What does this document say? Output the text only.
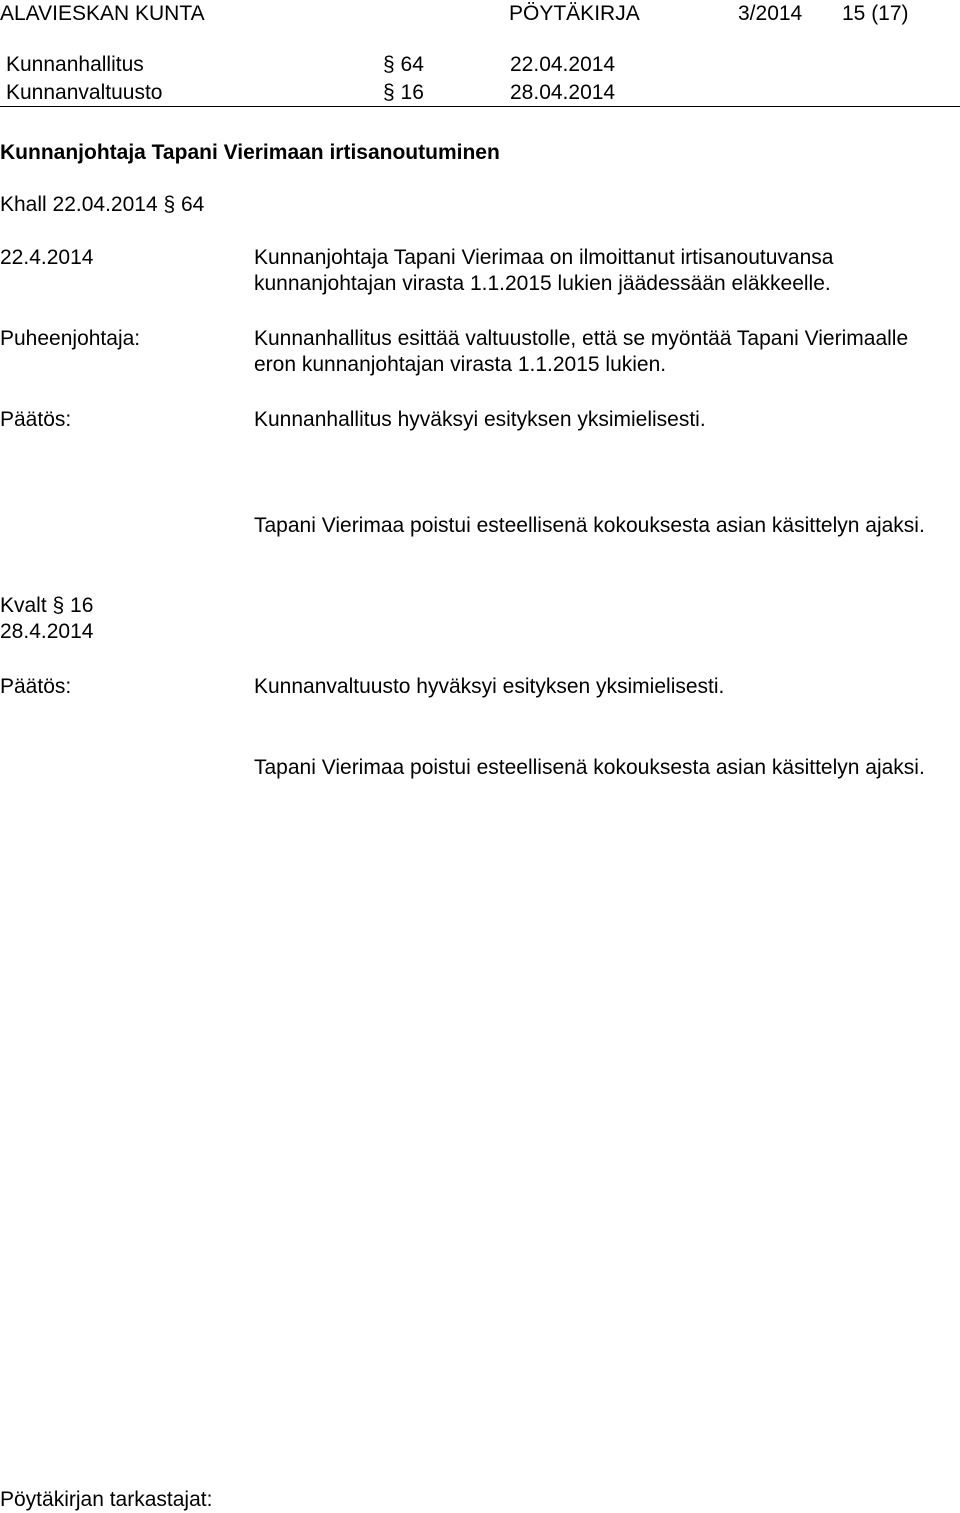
ALAVIESKAN KUNTA	PÖYTÄKIRJA	3/2014 15 (17)
Kunnanhallitus	§ 64	22.04.2014
Kunnanvaltuusto	§ 16	28.04.2014
Kunnanjohtaja Tapani Vierimaan irtisanoutuminen
Khall 22.04.2014 § 64
22.4.2014	Kunnanjohtaja Tapani Vierimaa on ilmoittanut irtisanoutuvansa kunnanjohtajan virasta 1.1.2015 lukien jäädessään eläkkeelle.
Puheenjohtaja:	Kunnanhallitus esittää valtuustolle, että se myöntää Tapani Vierimaalle eron kunnanjohtajan virasta 1.1.2015 lukien.
Päätös:	Kunnanhallitus hyväksyi esityksen yksimielisesti.
Tapani Vierimaa poistui esteellisenä kokouksesta asian käsittelyn ajaksi.
Kvalt § 16
28.4.2014
Päätös:	Kunnanvaltuusto hyväksyi esityksen yksimielisesti.
Tapani Vierimaa poistui esteellisenä kokouksesta asian käsittelyn ajaksi.
Pöytäkirjan tarkastajat:
